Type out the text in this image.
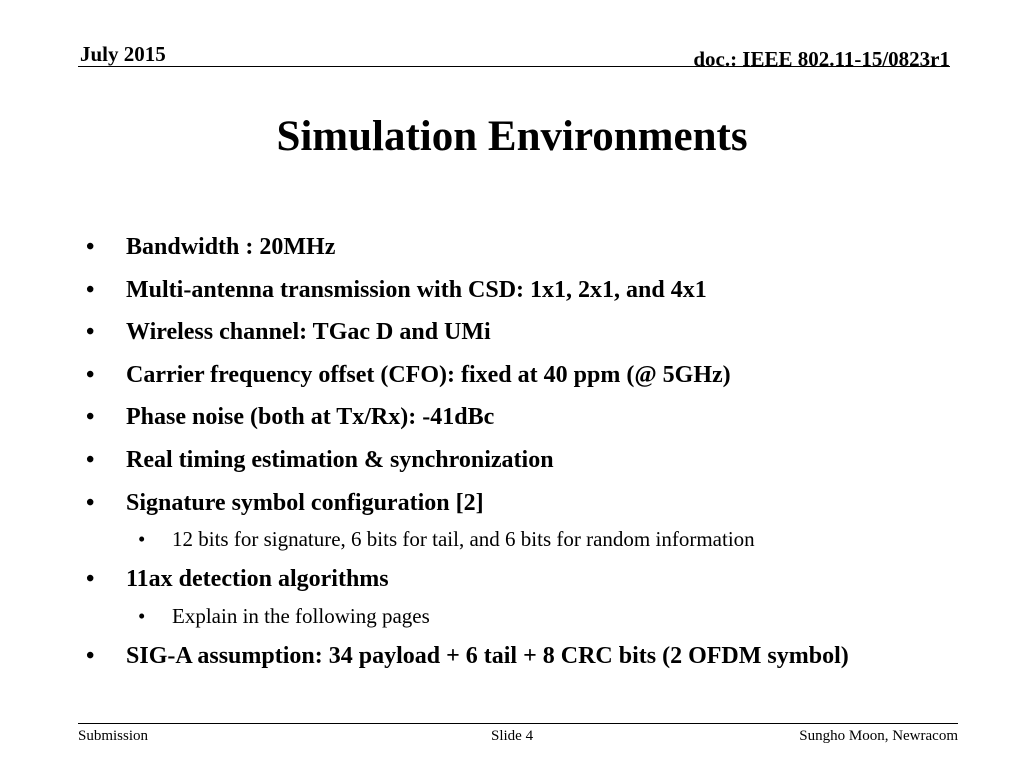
July 2015	doc.: IEEE 802.11-15/0823r1
Simulation Environments
• Bandwidth : 20MHz
• Multi-antenna transmission with CSD: 1x1, 2x1, and 4x1
• Wireless channel: TGac D and UMi
• Carrier frequency offset (CFO): fixed at 40 ppm (@ 5GHz)
• Phase noise (both at Tx/Rx): -41dBc
• Real timing estimation & synchronization
• Signature symbol configuration [2]
• 12 bits for signature, 6 bits for tail, and 6 bits for random information
• 11ax detection algorithms
• Explain in the following pages
• SIG-A assumption: 34 payload + 6 tail + 8 CRC bits (2 OFDM symbol)
Submission	Slide 4	Sungho Moon, Newracom
